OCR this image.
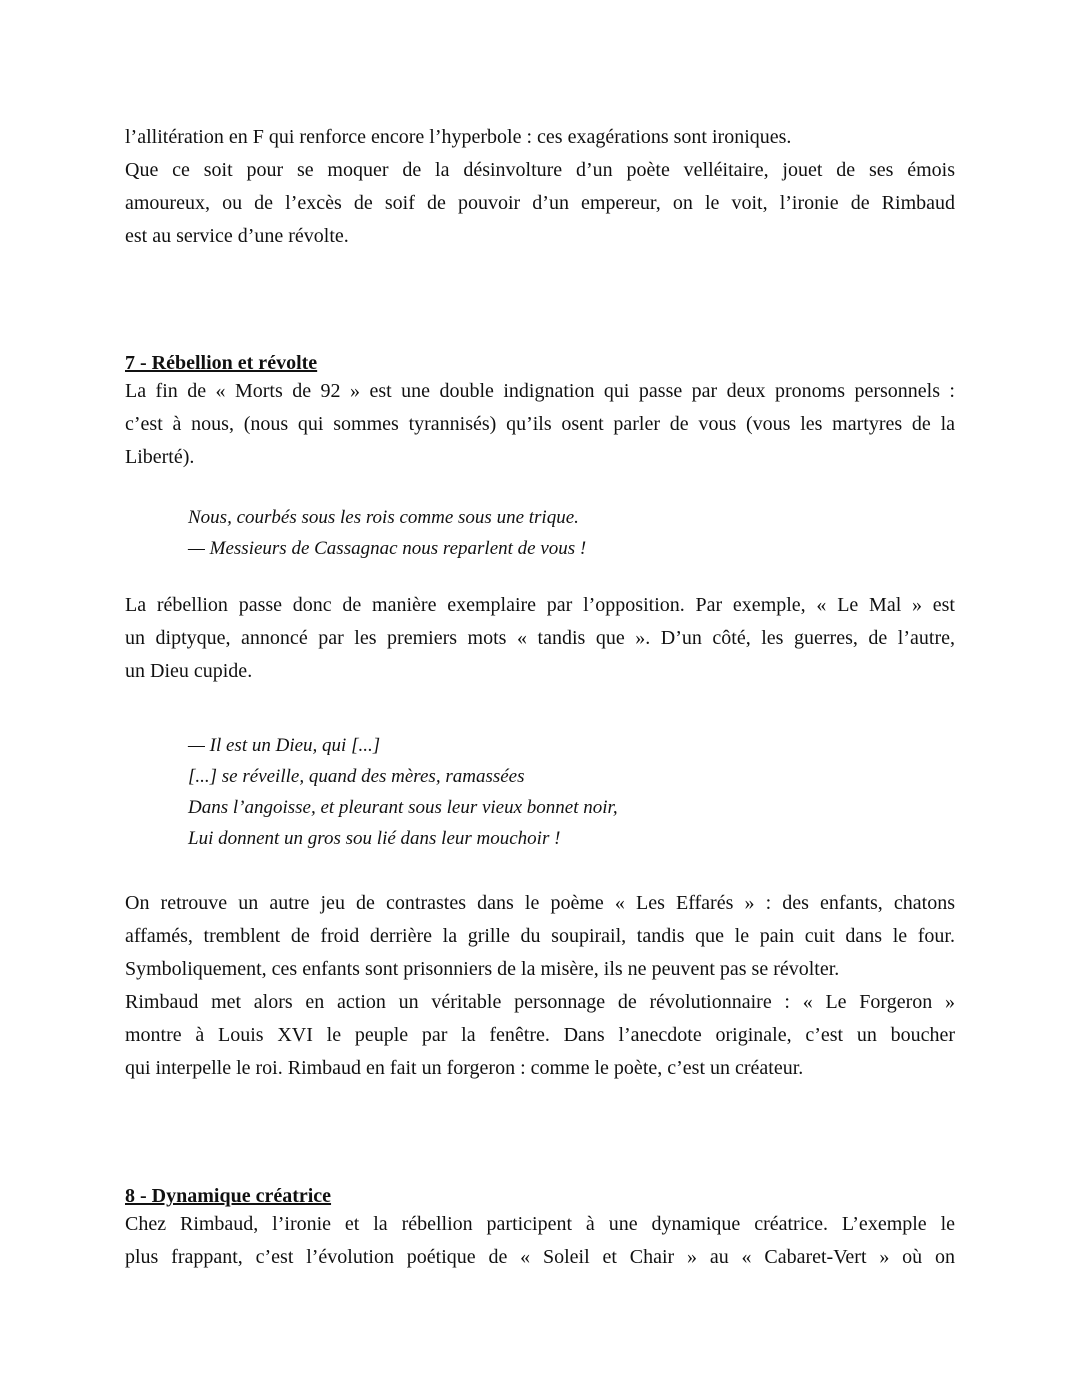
l’allitération en F qui renforce encore l’hyperbole : ces exagérations sont ironiques.
Que ce soit pour se moquer de la désinvolture d’un poète velléitaire, jouet de ses émois
amoureux, ou de l’excès de soif de pouvoir d’un empereur, on le voit, l’ironie de Rimbaud
est au service d’une révolte.
7 - Rébellion et révolte
La fin de « Morts de 92 » est une double indignation qui passe par deux pronoms personnels :
c’est à nous, (nous qui sommes tyrannisés) qu’ils osent parler de vous (vous les martyres de la
Liberté).
Nous, courbés sous les rois comme sous une trique.
— Messieurs de Cassagnac nous reparlent de vous !
La rébellion passe donc de manière exemplaire par l’opposition. Par exemple, « Le Mal » est
un diptyque, annoncé par les premiers mots « tandis que ». D’un côté, les guerres, de l’autre,
un Dieu cupide.
— Il est un Dieu, qui [...]
[...] se réveille, quand des mères, ramassées
Dans l’angoisse, et pleurant sous leur vieux bonnet noir,
Lui donnent un gros sou lié dans leur mouchoir !
On retrouve un autre jeu de contrastes dans le poème « Les Effarés » : des enfants, chatons
affamés, tremblent de froid derrière la grille du soupirail, tandis que le pain cuit dans le four.
Symboliquement, ces enfants sont prisonniers de la misère, ils ne peuvent pas se révolter.
Rimbaud met alors en action un véritable personnage de révolutionnaire : « Le Forgeron »
montre à Louis XVI le peuple par la fenêtre. Dans l’anecdote originale, c’est un boucher
qui interpelle le roi. Rimbaud en fait un forgeron : comme le poète, c’est un créateur.
8 - Dynamique créatrice
Chez Rimbaud, l’ironie et la rébellion participent à une dynamique créatrice. L’exemple le
plus frappant, c’est l’évolution poétique de « Soleil et Chair » au « Cabaret-Vert » où on
